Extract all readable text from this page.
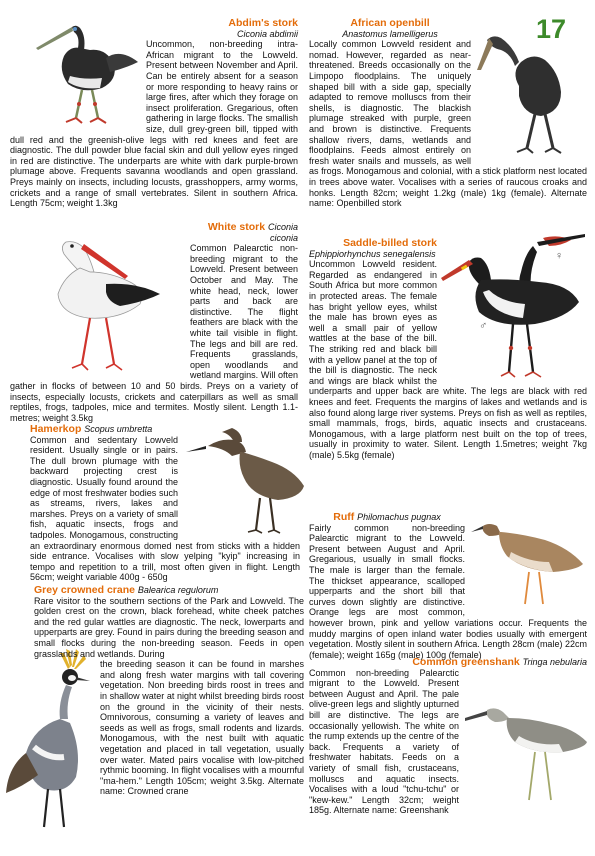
17
Abdim's stork
Ciconia abdimii

Uncommon, non-breeding intra-African migrant to the Lowveld. Present between November and April. Can be entirely absent for a season or more responding to heavy rains or large fires, after which they forage on insect proliferation. Gregarious, often gathering in large flocks. The smallish size, dull grey-green bill, tipped with dull red and the greenish-olive legs with red knees and feet are diagnostic. The dull powder blue facial skin and dull yellow eyes ringed in red are distinctive. The underparts are white with dark purple-brown plumage above. Frequents savanna woodlands and open grassland. Preys mainly on insects, including locusts, grasshoppers, army worms, crickets and a range of small vertebrates. Silent in southern Africa. Length 75cm; weight 1.3kg

African openbill
Anastomus lamelligerus

Locally common Lowveld resident and nomad. However, regarded as near-threatened. Breeds occasionally on the Limpopo floodplains. The uniquely shaped bill with a side gap, specially adapted to remove molluscs from their shells, is diagnostic. The blackish plumage streaked with purple, green and brown is distinctive. Frequents shallow rivers, dams, wetlands and floodplains. Feeds almost entirely on fresh water snails and mussels, as well as frogs. Monogamous and colonial, with a stick platform nest located in trees above water. Vocalises with a series of raucous croaks and honks. Length 82cm; weight 1.2kg (male) 1kg (female). Alternate name: Openbilled stork

White stork Ciconia ciconia

Common Palearctic non-breeding migrant to the Lowveld. Present between October and May. The white head, neck, lower parts and back are distinctive. The flight feathers are black with the white tail visible in flight. The legs and bill are red. Frequents grasslands, open woodlands and wetland margins. Will often gather in flocks of between 10 and 50 birds. Preys on a variety of insects, especially locusts, crickets and caterpillars as well as small reptiles, frogs, tadpoles, mice and termites. Mostly silent. Length 1.1-metres; weight 3.5kg

Saddle-billed stork
Ephippiorhynchus senegalensis

Uncommon Lowveld resident. Regarded as endangered in South Africa but more common in protected areas. The female has bright yellow eyes, whilst the male has brown eyes as well a small pair of yellow wattles at the base of the bill. The striking red and black bill with a yellow panel at the top of the bill is diagnostic. The neck and wings are black whilst the underparts and upper back are white. The legs are black with red knees and feet. Frequents the margins of lakes and wetlands and is also found along large river systems. Preys on fish as well as reptiles, small mammals, frogs, birds, aquatic insects and crustaceans. Monogamous, with a large platform nest built on the top of trees, usually in proximity to water. Silent. Length 1.5metres; weight 7kg (male) 5.5kg (female)

♀
♂
Hamerkop Scopus umbretta

Common and sedentary Lowveld resident. Usually single or in pairs. The dull brown plumage with the backward projecting crest is diagnostic. Usually found around the edge of most freshwater bodies such as streams, rivers, lakes and marshes. Preys on a variety of small fish, aquatic insects, frogs and tadpoles. Monogamous, constructing an extraordinary enormous domed nest from sticks with a hidden side entrance. Vocalises with slow yelping "kyip" increasing in tempo and repetition to a trill, most often given in flight. Length 56cm; weight variable 400g - 650g

Ruff Philomachus pugnax

Fairly common non-breeding Palearctic migrant to the Lowveld. Present between August and April. Gregarious, usually in small flocks. The male is larger than the female. The thickset appearance, scalloped upperparts and the short bill that curves down slightly are distinctive. Orange legs are most common, however brown, pink and yellow variations occur. Frequents the muddy margins of open inland water bodies usually with emergent vegetation. Mostly silent in southern Africa. Length 28cm (male) 22cm (female); weight 165g (male) 100g (female)

Grey crowned crane Balearica regulorum

Rare visitor to the southern sections of the Park and Lowveld. The golden crest on the crown, black forehead, white cheek patches and the red gular wattles are diagnostic. The neck, lowerparts and upperparts are grey. Found in pairs during the breeding season and small flocks during the non-breeding season. Feeds in open grasslands and wetlands. During

the breeding season it can be found in marshes and along fresh water margins with tall covering vegetation. Non breeding birds roost in trees and in shallow water at night whilst breeding birds roost on the ground in the vicinity of their nests. Omnivorous, consuming a variety of leaves and seeds as well as frogs, small rodents and lizards. Monogamous, with the nest built with aquatic vegetation and placed in tall vegetation, usually over water. Mated pairs vocalise with low-pitched rythmic booming. In flight vocalises with a mournful "ma-hem." Length 105cm; weight 3.5kg. Alternate name: Crowned crane

Common greenshank Tringa nebularia

Common non-breeding Palearctic migrant to the Lowveld. Present between August and April. The pale olive-green legs and slightly upturned bill are distinctive. The legs are occasionally yellowish. The white on the rump extends up the centre of the back. Frequents a variety of freshwater habitats. Feeds on a variety of small fish, crustaceans, molluscs and aquatic insects. Vocalises with a loud "tchu-tchu" or "kew-kew." Length 32cm; weight 185g. Alternate name: Greenshank
